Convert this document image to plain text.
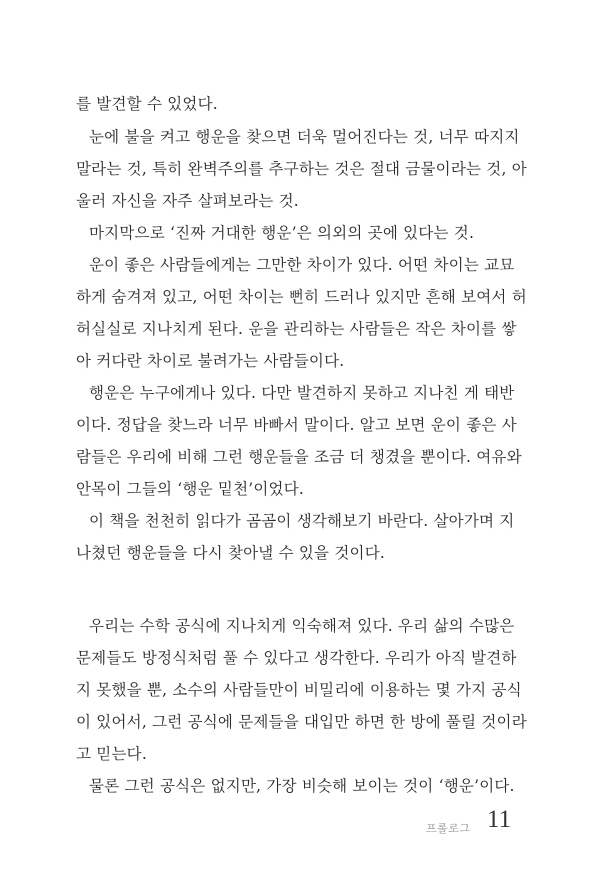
를 발견할 수 있었다.
눈에 불을 켜고 행운을 찾으면 더욱 멀어진다는 것, 너무 따지지
말라는 것, 특히 완벽주의를 추구하는 것은 절대 금물이라는 것, 아
울러 자신을 자주 살펴보라는 것.
마지막으로 ‘진짜 거대한 행운’은 의외의 곳에 있다는 것.
운이 좋은 사람들에게는 그만한 차이가 있다. 어떤 차이는 교묘
하게 숨겨져 있고, 어떤 차이는 뻔히 드러나 있지만 흔해 보여서 허
허실실로 지나치게 된다. 운을 관리하는 사람들은 작은 차이를 쌓
아 커다란 차이로 불려가는 사람들이다.
행운은 누구에게나 있다. 다만 발견하지 못하고 지나친 게 태반
이다. 정답을 찾느라 너무 바빠서 말이다. 알고 보면 운이 좋은 사
람들은 우리에 비해 그런 행운들을 조금 더 챙겼을 뿐이다. 여유와
안목이 그들의 ‘행운 밑천’이었다.
이 책을 천천히 읽다가 곰곰이 생각해보기 바란다. 살아가며 지
나쳤던 행운들을 다시 찾아낼 수 있을 것이다.
우리는 수학 공식에 지나치게 익숙해져 있다. 우리 삶의 수많은
문제들도 방정식처럼 풀 수 있다고 생각한다. 우리가 아직 발견하
지 못했을 뿐, 소수의 사람들만이 비밀리에 이용하는 몇 가지 공식
이 있어서, 그런 공식에 문제들을 대입만 하면 한 방에 풀릴 것이라
고 믿는다.
물론 그런 공식은 없지만, 가장 비슷해 보이는 것이 ‘행운’이다.
프롤로그 11
